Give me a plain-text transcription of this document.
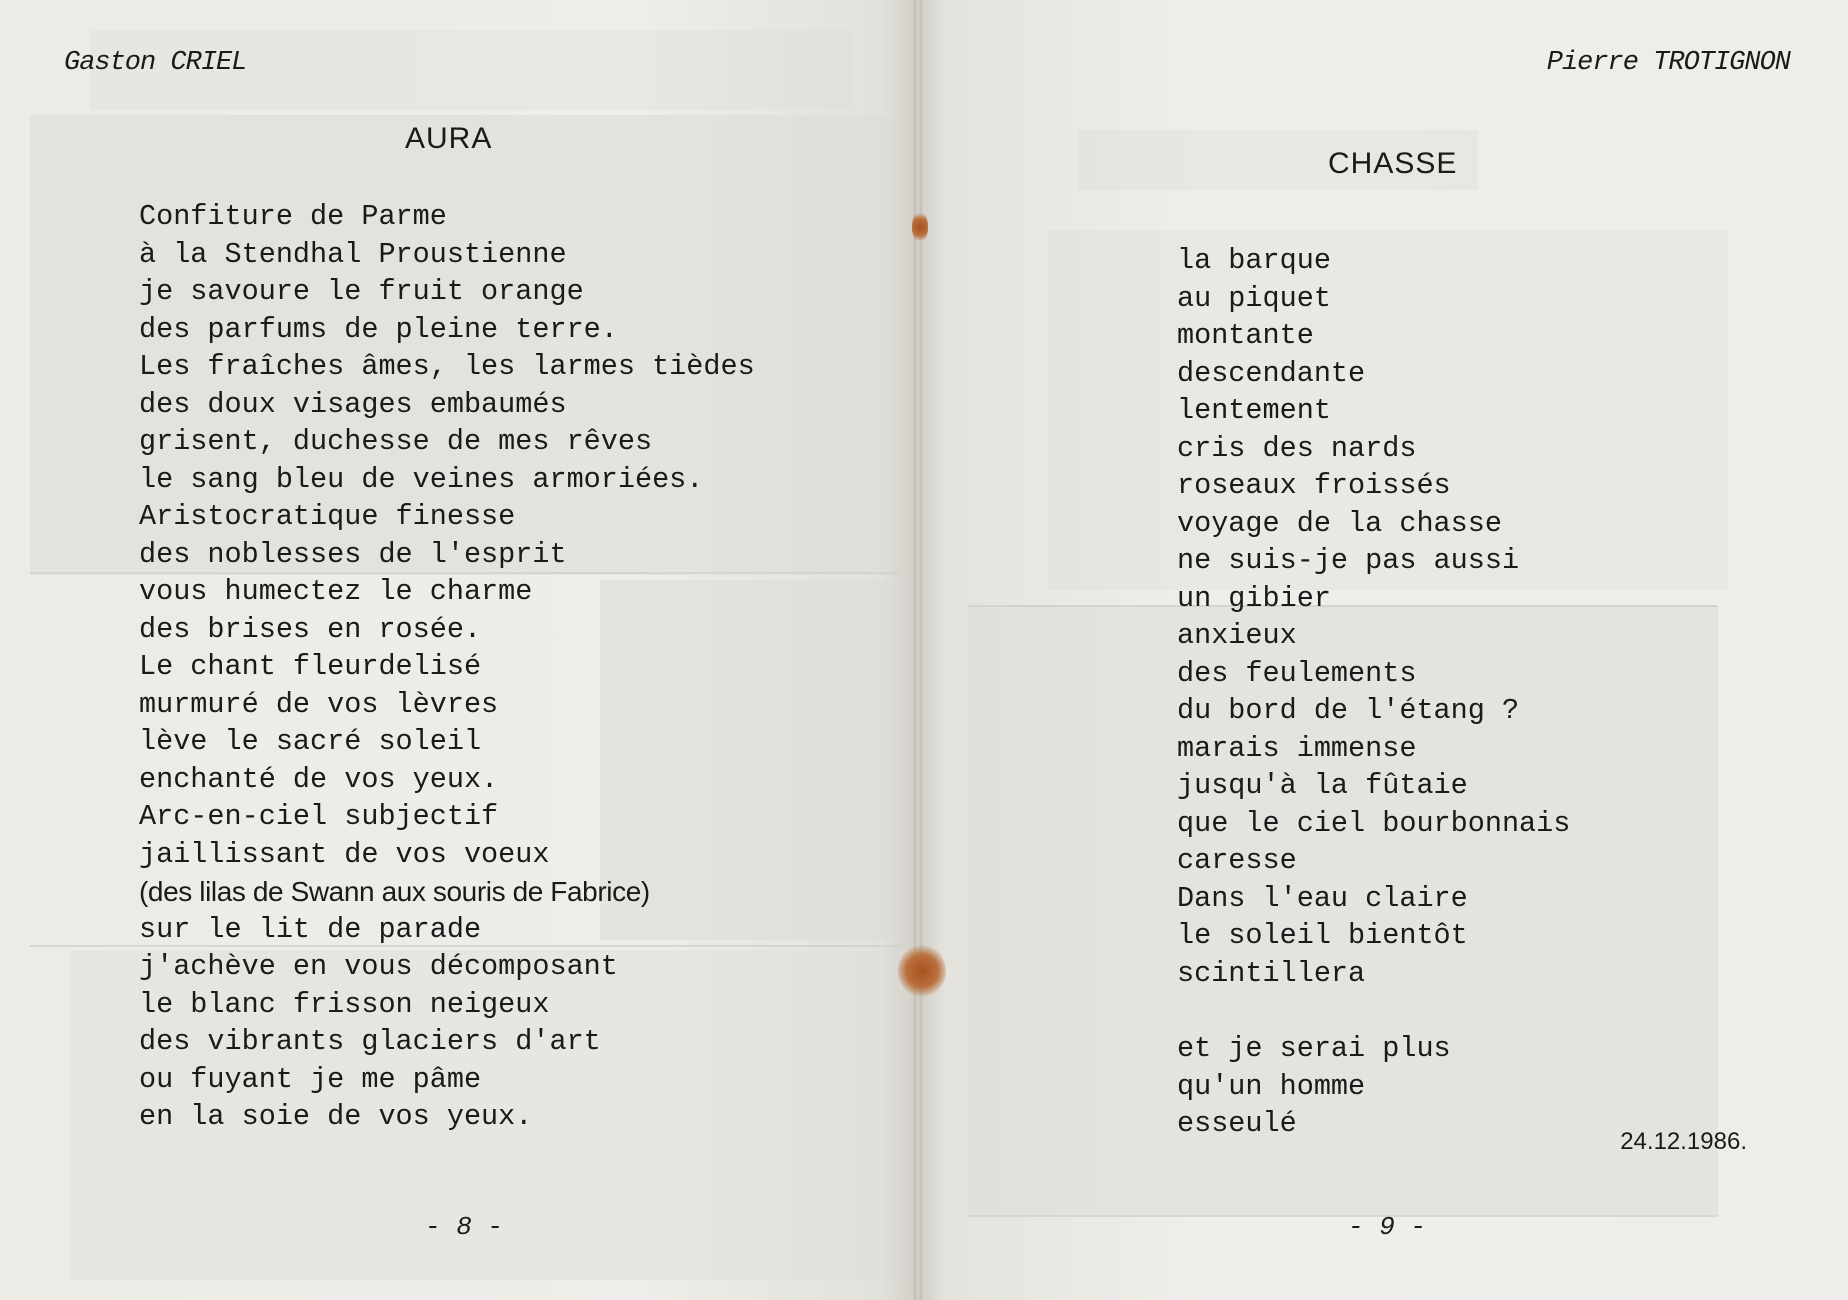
Gaston CRIEL
AURA
Confiture de Parme
à la Stendhal Proustienne
je savoure le fruit orange
des parfums de pleine terre.
Les fraîches âmes, les larmes tièdes
des doux visages embaumés
grisent, duchesse de mes rêves
le sang bleu de veines armoriées.
Aristocratique finesse
des noblesses de l'esprit
vous humectez le charme
des brises en rosée.
Le chant fleurdelisé
murmuré de vos lèvres
lève le sacré soleil
enchanté de vos yeux.
Arc-en-ciel subjectif
jaillissant de vos voeux
(des lilas de Swann aux souris de Fabrice)
sur le lit de parade
j'achève en vous décomposant
le blanc frisson neigeux
des vibrants glaciers d'art
ou fuyant je me pâme
en la soie de vos yeux.
- 8 -
Pierre TROTIGNON
CHASSE
la barque
au piquet
montante
descendante
lentement
cris des nards
roseaux froissés
voyage de la chasse
ne suis-je pas aussi
un gibier
anxieux
des feulements
du bord de l'étang ?
marais immense
jusqu'à la fûtaie
que le ciel bourbonnais
caresse
Dans l'eau claire
le soleil bientôt
scintillera
et je serai plus
qu'un homme
esseulé
24.12.1986.
- 9 -
